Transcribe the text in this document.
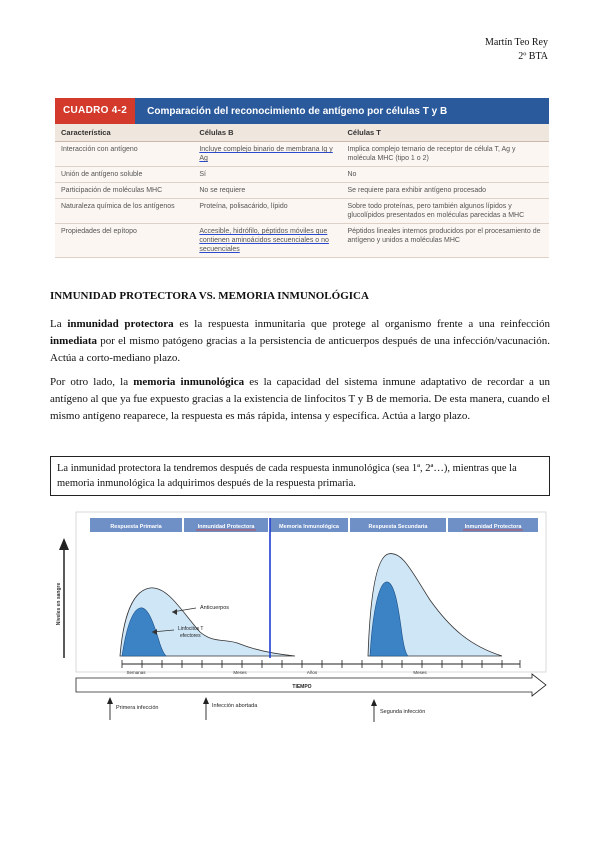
Martín Teo Rey
2º BTA
CUADRO 4-2	Comparación del reconocimiento de antígeno por células T y B
Característica	Células B	Células T
Interacción con antígeno	Incluye complejo binario de membrana Ig y Ag	Implica complejo ternario de receptor de célula T, Ag y molécula MHC (tipo 1 o 2)
Unión de antígeno soluble	Sí	No
Participación de moléculas MHC	No se requiere	Se requiere para exhibir antígeno procesado
Naturaleza química de los antígenos	Proteína, polisacárido, lípido	Sobre todo proteínas, pero también algunos lípidos y glucolípidos presentados en moléculas parecidas a MHC
Propiedades del epítopo	Accesible, hidrófilo, péptidos móviles que contienen aminoácidos secuenciales o no secuenciales	Péptidos lineales internos producidos por el procesamiento de antígeno y unidos a moléculas MHC
INMUNIDAD PROTECTORA VS. MEMORIA INMUNOLÓGICA

La inmunidad protectora es la respuesta inmunitaria que protege al organismo frente a una reinfección inmediata por el mismo patógeno gracias a la persistencia de anticuerpos después de una infección/vacunación. Actúa a corto-mediano plazo.

Por otro lado, la memoria inmunológica es la capacidad del sistema inmune adaptativo de recordar a un antígeno al que ya fue expuesto gracias a la existencia de linfocitos T y B de memoria. De esta manera, cuando el mismo antígeno reaparece, la respuesta es más rápida, intensa y específica. Actúa a largo plazo.

La inmunidad protectora la tendremos después de cada respuesta inmunológica (sea 1ª, 2ª…), mientras que la memoria inmunológica la adquirimos después de la respuesta primaria.
Respuesta Primaria	Inmunidad Protectora	Memoria Inmunológica	Respuesta Secundaria	Inmunidad Protectora
Niveles en sangre	Anticuerpos
Linfocitos T
efectores
Semanas	Meses	Años	Meses
TIEMPO
Primera infección	Infección abortada
Segunda infección
